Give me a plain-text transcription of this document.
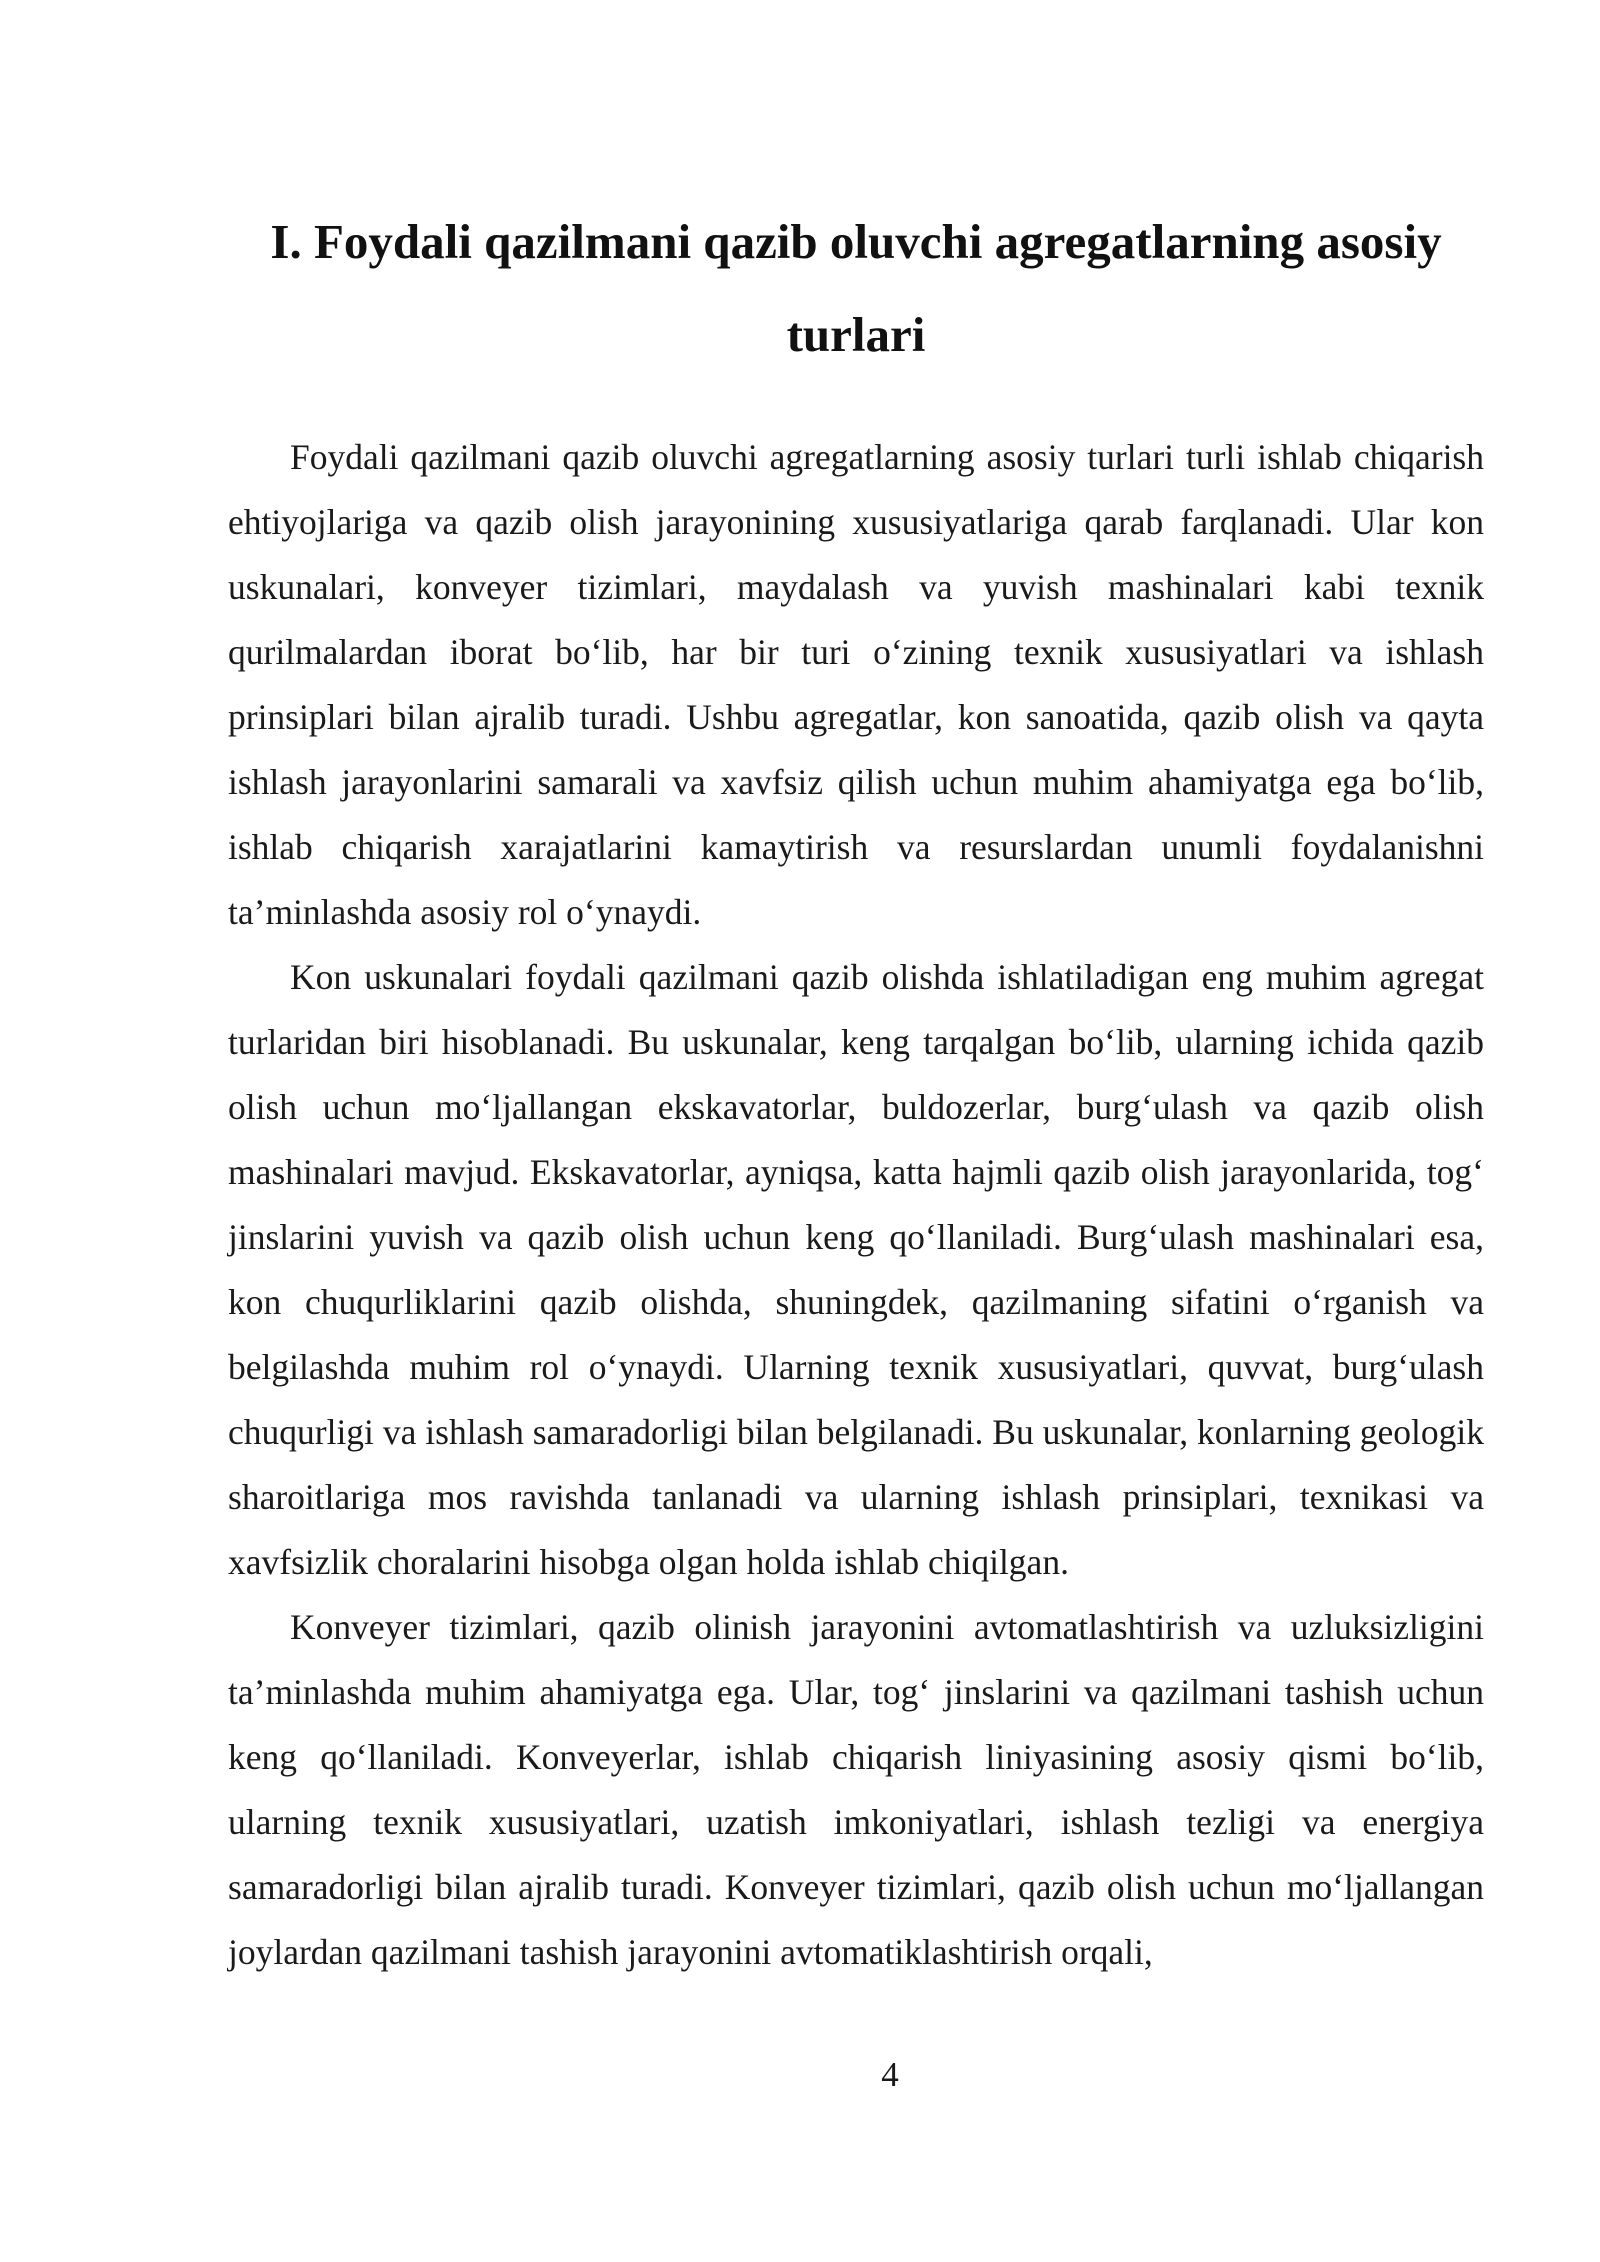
I. Foydali qazilmani qazib oluvchi agregatlarning asosiy turlari

Foydali qazilmani qazib oluvchi agregatlarning asosiy turlari turli ishlab chiqarish ehtiyojlariga va qazib olish jarayonining xususiyatlariga qarab farqlanadi. Ular kon uskunalari, konveyer tizimlari, maydalash va yuvish mashinalari kabi texnik qurilmalardan iborat bo‘lib, har bir turi o‘zining texnik xususiyatlari va ishlash prinsiplari bilan ajralib turadi. Ushbu agregatlar, kon sanoatida, qazib olish va qayta ishlash jarayonlarini samarali va xavfsiz qilish uchun muhim ahamiyatga ega bo‘lib, ishlab chiqarish xarajatlarini kamaytirish va resurslardan unumli foydalanishni ta’minlashda asosiy rol o‘ynaydi.

Kon uskunalari foydali qazilmani qazib olishda ishlatiladigan eng muhim agregat turlaridan biri hisoblanadi. Bu uskunalar, keng tarqalgan bo‘lib, ularning ichida qazib olish uchun mo‘ljallangan ekskavatorlar, buldozerlar, burg‘ulash va qazib olish mashinalari mavjud. Ekskavatorlar, ayniqsa, katta hajmli qazib olish jarayonlarida, tog‘ jinslarini yuvish va qazib olish uchun keng qo‘llaniladi. Burg‘ulash mashinalari esa, kon chuqurliklarini qazib olishda, shuningdek, qazilmaning sifatini o‘rganish va belgilashda muhim rol o‘ynaydi. Ularning texnik xususiyatlari, quvvat, burg‘ulash chuqurligi va ishlash samaradorligi bilan belgilanadi. Bu uskunalar, konlarning geologik sharoitlariga mos ravishda tanlanadi va ularning ishlash prinsiplari, texnikasi va xavfsizlik choralarini hisobga olgan holda ishlab chiqilgan.

Konveyer tizimlari, qazib olinish jarayonini avtomatlashtirish va uzluksizligini ta’minlashda muhim ahamiyatga ega. Ular, tog‘ jinslarini va qazilmani tashish uchun keng qo‘llaniladi. Konveyerlar, ishlab chiqarish liniyasining asosiy qismi bo‘lib, ularning texnik xususiyatlari, uzatish imkoniyatlari, ishlash tezligi va energiya samaradorligi bilan ajralib turadi. Konveyer tizimlari, qazib olish uchun mo‘ljallangan joylardan qazilmani tashish jarayonini avtomatiklashtirish orqali,

4
